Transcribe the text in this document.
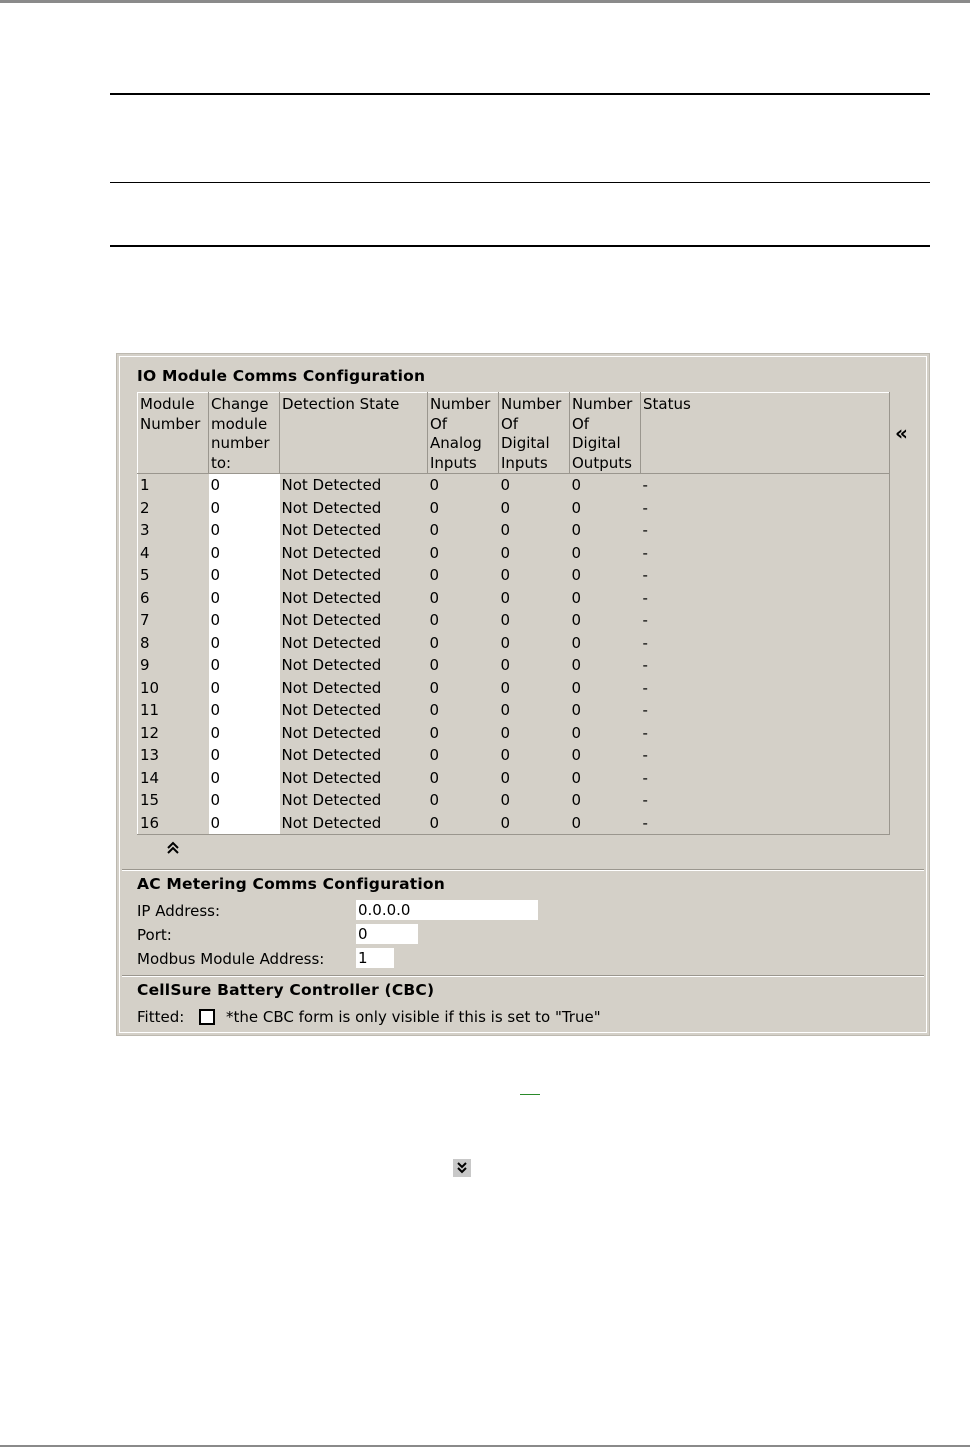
IO Module Comms Configuration
Module Number	Change module number to:	Detection State	Number Of Analog Inputs	Number Of Digital Inputs	Number Of Digital Outputs	Status
1	0	Not Detected	0	0	0	-
2	0	Not Detected	0	0	0	-
3	0	Not Detected	0	0	0	-
4	0	Not Detected	0	0	0	-
5	0	Not Detected	0	0	0	-
6	0	Not Detected	0	0	0	-
7	0	Not Detected	0	0	0	-
8	0	Not Detected	0	0	0	-
9	0	Not Detected	0	0	0	-
10	0	Not Detected	0	0	0	-
11	0	Not Detected	0	0	0	-
12	0	Not Detected	0	0	0	-
13	0	Not Detected	0	0	0	-
14	0	Not Detected	0	0	0	-
15	0	Not Detected	0	0	0	-
16	0	Not Detected	0	0	0	-
«
AC Metering Comms Configuration
IP Address:	0.0.0.0
Port:	0
Modbus Module Address: 1
CellSure Battery Controller (CBC)
Fitted:	*the CBC form is only visible if this is set to "True"
